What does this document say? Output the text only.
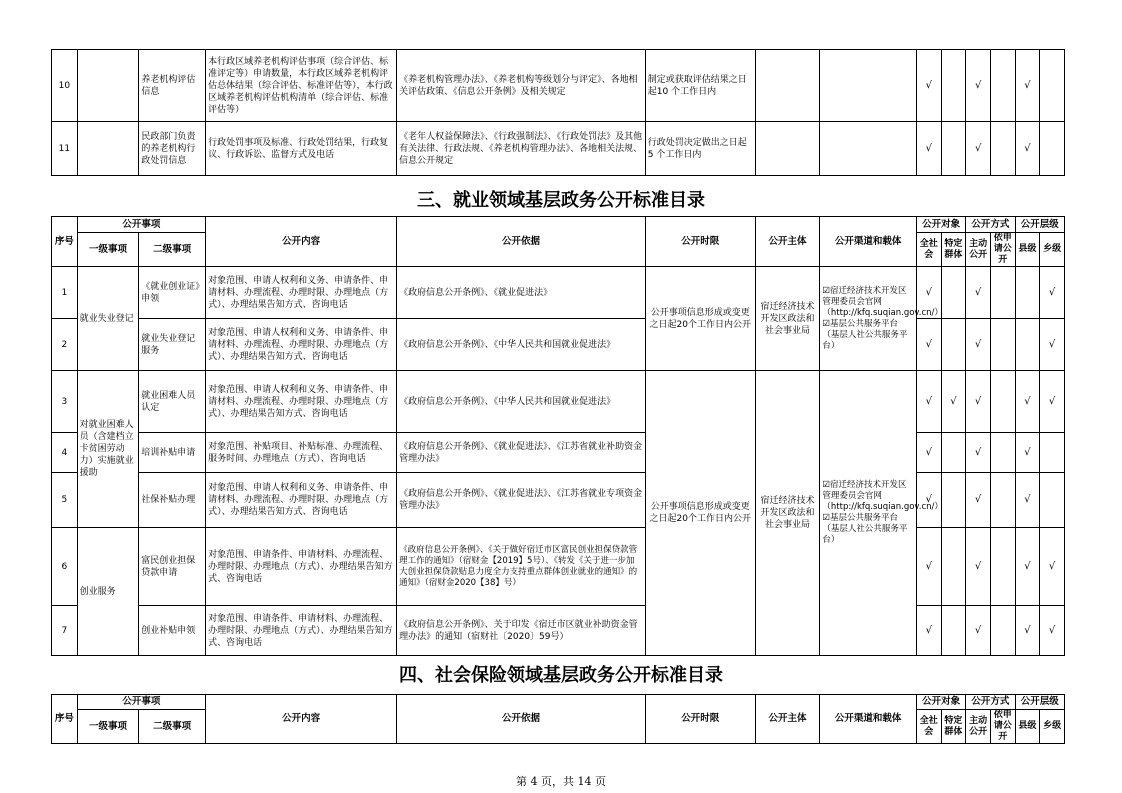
10		养老机构评估信息	本行政区域养老机构评估事项（综合评估、标准评定等）申请数量，本行政区域养老机构评估总体结果（综合评估、标准评估等），本行政区域养老机构评估机构清单（综合评估、标准评估等）	《养老机构管理办法》、《养老机构等级划分与评定》、各地相关评估政策、《信息公开条例》及相关规定	制定或获取评估结果之日起10 个工作日内			√		√		√	
11		民政部门负责的养老机构行政处罚信息	行政处罚事项及标准、行政处罚结果，行政复议、行政诉讼、监督方式及电话	《老年人权益保障法》、《行政强制法》、《行政处罚法》及其他有关法律、行政法规、《养老机构管理办法》、各地相关法规、信息公开规定	行政处罚决定做出之日起 5 个工作日内			√		√		√	
三、就业领域基层政务公开标准目录
序号	公开事项		公开内容	公开依据	公开时限	公开主体	公开渠道和载体	公开对象		公开方式		公开层级	
	一级事项	二级事项						全社会	特定群体	主动公开	依申请公开	县级	乡级
1	就业失业登记	《就业创业证》申领	对象范围、申请人权利和义务、申请条件、申请材料、办理流程、办理时限、办理地点（方式）、办理结果告知方式、咨询电话	《政府信息公开条例》、《就业促进法》	公开事项信息形成或变更之日起20个工作日内公开	宿迁经济技术开发区政法和社会事业局	☑宿迁经济技术开发区管理委员会官网（http://kfq.suqian.gov.cn/）☑基层公共服务平台（基层人社公共服务平台）	√		√			√
2		就业失业登记服务	对象范围、申请人权利和义务、申请条件、申请材料、办理流程、办理时限、办理地点（方式）、办理结果告知方式、咨询电话	《政府信息公开条例》、《中华人民共和国就业促进法》				√		√			√
3	对就业困难人员（含建档立卡贫困劳动力）实施就业援助	就业困难人员认定	对象范围、申请人权利和义务、申请条件、申请材料、办理流程、办理时限、办理地点（方式）、办理结果告知方式、咨询电话	《政府信息公开条例》、《中华人民共和国就业促进法》	公开事项信息形成或变更之日起20个工作日内公开	宿迁经济技术开发区政法和社会事业局	☑宿迁经济技术开发区管理委员会官网（http://kfq.suqian.gov.cn/）☑基层公共服务平台（基层人社公共服务平台）	√	√	√		√	√
4		培训补贴申请	对象范围、补贴项目、补贴标准、办理流程、服务时间、办理地点（方式）、咨询电话	《政府信息公开条例》、《就业促进法》、《江苏省就业补助资金管理办法》				√		√		√	
5		社保补贴办理	对象范围、申请人权利和义务、申请条件、申请材料、办理流程、办理时限、办理地点（方式）、办理结果告知方式、咨询电话	《政府信息公开条例》、《就业促进法》、《江苏省就业专项资金管理办法》				√		√		√	
6	创业服务	富民创业担保贷款申请	对象范围、申请条件、申请材料、办理流程、办理时限、办理地点（方式）、办理结果告知方式、咨询电话	《政府信息公开条例》、《关于做好宿迁市区富民创业担保贷款管理工作的通知》（宿财金【2019】5号）、《转发《关于进一步加大创业担保贷款贴息力度全力支持重点群体创业就业的通知》的通知》（宿财金2020【38】号）				√		√		√	√
7		创业补贴申领	对象范围、申请条件、申请材料、办理流程、办理时限、办理地点（方式）、办理结果告知方式、咨询电话	《政府信息公开条例》、关于印发《宿迁市区就业补助资金管理办法》的通知（宿财社〔2020〕59号）				√		√		√	√
四、社会保险领域基层政务公开标准目录
序号	公开事项		公开内容	公开依据	公开时限	公开主体	公开渠道和载体	公开对象		公开方式		公开层级	
	一级事项	二级事项						全社会	特定群体	主动公开	依申请公开	县级	乡级
第 4 页，共 14 页
